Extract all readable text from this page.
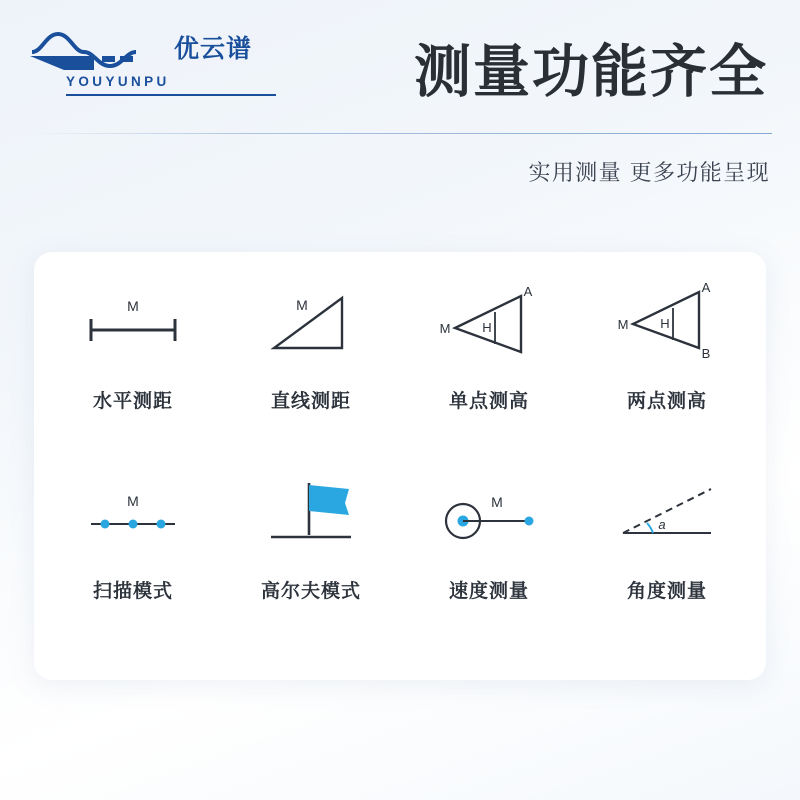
优云谱
YOUYUNPU	测量功能齐全
实用测量 更多功能呈现
M
水平测距
M
直线测距
M
A
H
单点测高
M
A
H
B
两点测高
M
扫描模式	高尔夫模式
M
速度测量
a
角度测量
